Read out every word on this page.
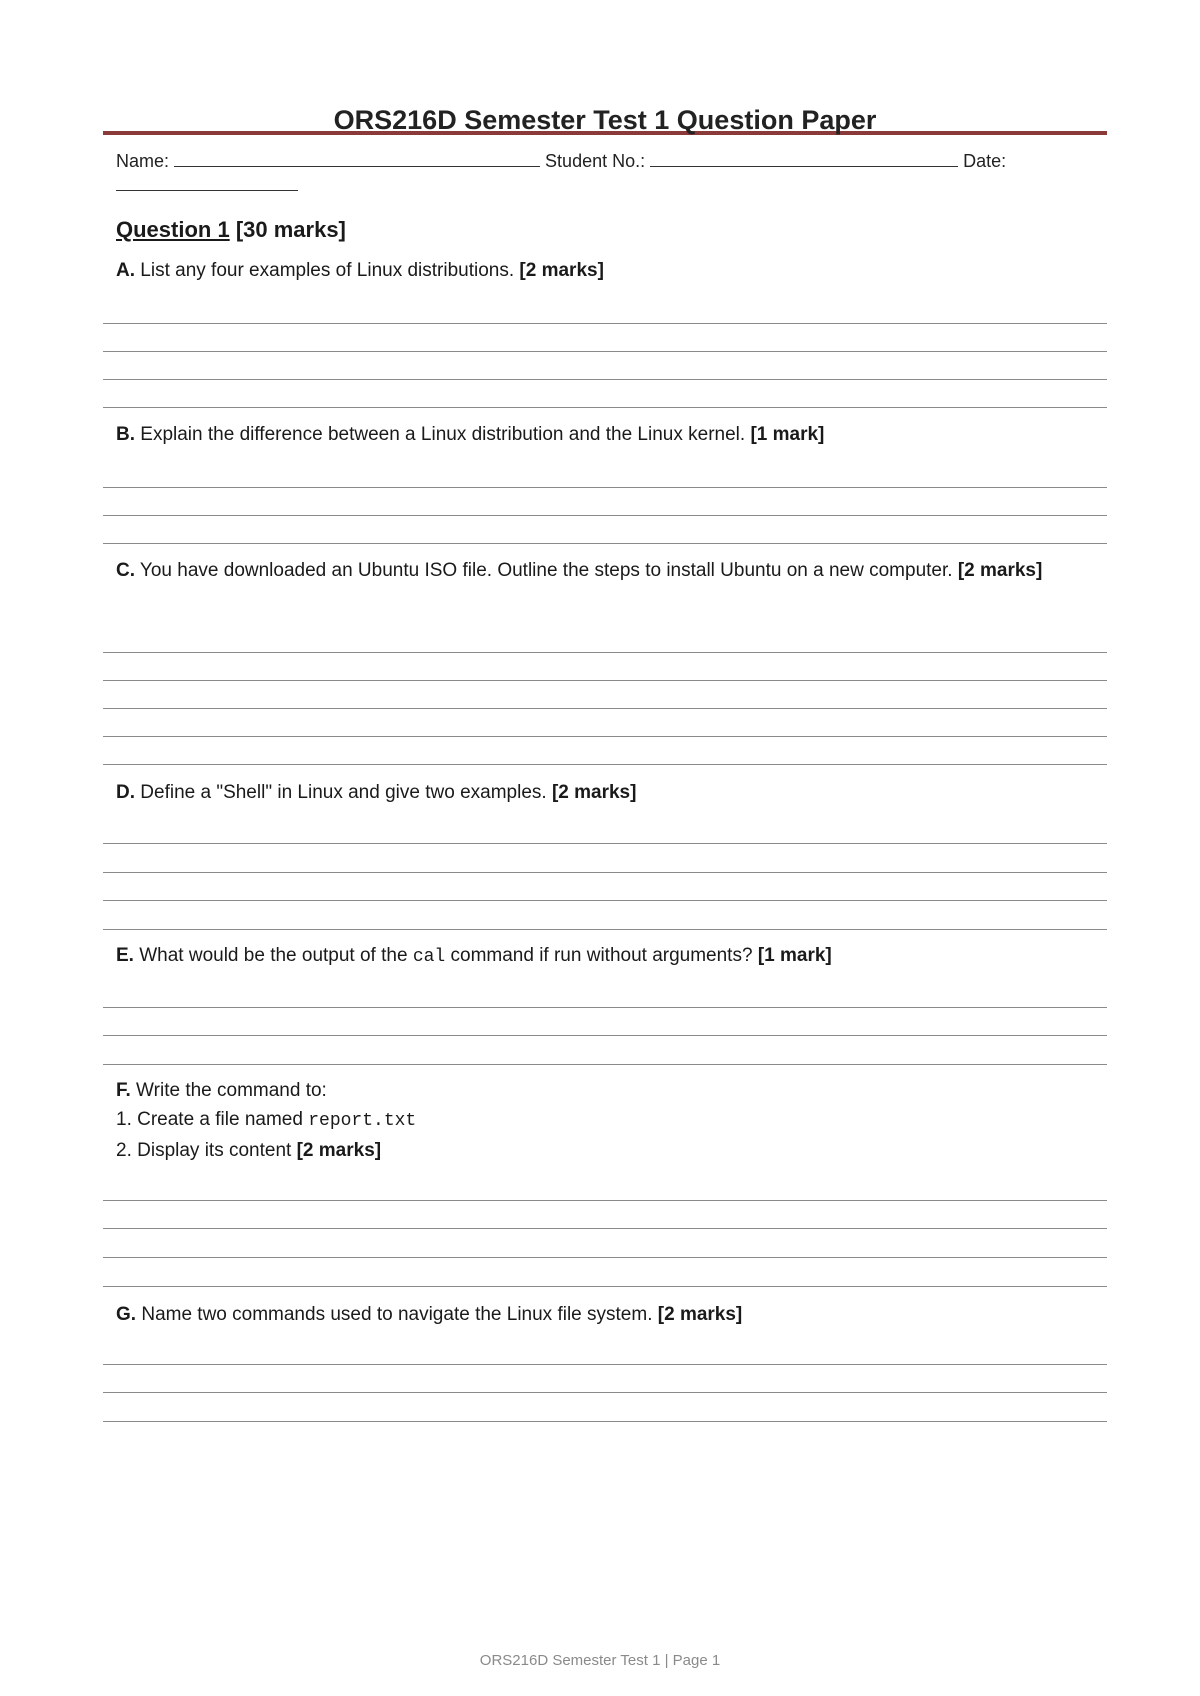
ORS216D Semester Test 1 Question Paper
Name:	Student No.:	Date:
Question 1 [30 marks]
A. List any four examples of Linux distributions. [2 marks]
B. Explain the difference between a Linux distribution and the Linux kernel. [1 mark]
C. You have downloaded an Ubuntu ISO file. Outline the steps to install Ubuntu on a new computer. [2 marks]
D. Define a "Shell" in Linux and give two examples. [2 marks]
E. What would be the output of the cal command if run without arguments? [1 mark]
F. Write the command to:
1. Create a file named report.txt
2. Display its content [2 marks]
G. Name two commands used to navigate the Linux file system. [2 marks]
ORS216D Semester Test 1 | Page 1
